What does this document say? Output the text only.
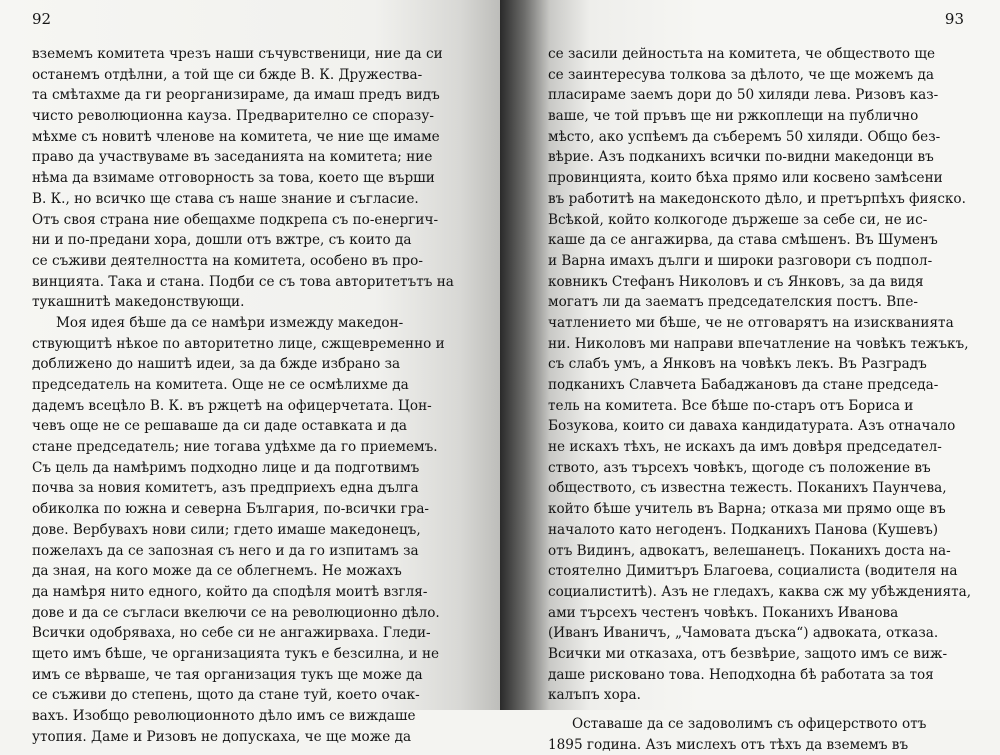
92
вземемъ комитета чрезъ наши съчувственици, ние да си
останемъ отдѣлни, а той ще си бжде В. К. Дружества-
та смѣтахме да ги реорганизираме, да имаш предъ видъ
чисто революционна кауза. Предварително се споразу-
мѣхме съ новитѣ членове на комитета, че ние ще имаме
право да участвуваме въ заседанията на комитета; ние
нѣма да взимаме отговорность за това, което ще върши
В. К., но всичко ще става съ наше знание и съгласие.
Отъ своя страна ние обещахме подкрепа съ по-енергич-
ни и по-предани хора, дошли отъ вжтре, съ които да
се съживи деятелността на комитета, особено въ про-
винцията. Така и стана. Подби се съ това авторитетътъ на
тукашнитѣ македонствующи.
Моя идея бѣше да се намѣри измежду македон-
ствующитѣ нѣкое по авторитетно лице, сжщевременно и
доближено до нашитѣ идеи, за да бжде избрано за
председатель на комитета. Още не се осмѣлихме да
дадемъ всецѣло В. К. въ ржцетѣ на офицерчетата. Цон-
чевъ още не се решаваше да си даде оставката и да
стане председатель; ние тогава удѣхме да го приемемъ.
Съ цель да намѣримъ подходно лице и да подготвимъ
почва за новия комитетъ, азъ предприехъ една дълга
обиколка по южна и северна България, по-всички гра-
дове. Вербувахъ нови сили; гдето имаше македонецъ,
пожелахъ да се запозная съ него и да го изпитамъ за
да зная, на кого може да се облегнемъ. Не можахъ
да намѣря нито едного, който да сподѣля моитѣ взгля-
дове и да се съгласи вкелючи се на революционно дѣло.
Всички одобряваха, но себе си не ангажирваха. Гледи-
щето имъ бѣше, че организацията тукъ е безсилна, и не
имъ се вѣрваше, че тая организация тукъ ще може да
се съживи до степень, щото да стане туй, което очак-
вахъ. Изобщо революционното дѣло имъ се виждаше
утопия. Даме и Ризовъ не допускаха, че ще може да
93
се засили дейностьта на комитета, че обществото ще
се заинтересува толкова за дѣлото, че ще можемъ да
пласираме заемъ дори до 50 хиляди лева. Ризовъ каз-
ваше, че той пръвъ ще ни ржкоплещи на публично
мѣсто, ако успѣемъ да съберемъ 50 хиляди. Общо без-
вѣрие. Азъ подканихъ всички по-видни македонци въ
провинцията, които бѣха прямо или косвено замѣсени
въ работитѣ на македонското дѣло, и претърпѣхъ фияско.
Всѣкой, който колкогоде държеше за себе си, не ис-
каше да се ангажирва, да става смѣшенъ. Въ Шуменъ
и Варна имахъ дълги и широки разговори съ подпол-
ковникъ Стефанъ Николовъ и съ Янковъ, за да видя
могатъ ли да заематъ председателския постъ. Впе-
чатлението ми бѣше, че не отговарятъ на изискванията
ни. Николовъ ми направи впечатление на човѣкъ тежъкъ,
съ слабъ умъ, а Янковъ на човѣкъ лекъ. Въ Разградъ
подканихъ Славчета Бабаджановъ да стане председа-
тель на комитета. Все бѣше по-старъ отъ Бориса и
Бозукова, които си даваха кандидатурата. Азъ отначало
не искахъ тѣхъ, не искахъ да имъ довѣря председател-
ството, азъ търсехъ човѣкъ, щогоде съ положение въ
обществото, съ известна тежесть. Поканихъ Паунчева,
който бѣше учитель въ Варна; отказа ми прямо още въ
началото като негоденъ. Подканихъ Панова (Кушевъ)
отъ Видинъ, адвокатъ, велешанецъ. Поканихъ доста на-
стоятелно Димитъръ Благоева, социалиста (водителя на
социалиститѣ). Азъ не гледахъ, каква сж му убѣжденията,
ами търсехъ честенъ човѣкъ. Поканихъ Иванова
(Иванъ Иваничъ, „Чамовата дъска“) адвоката, отказа.
Всички ми отказаха, отъ безвѣрие, защото имъ се виж-
даше рисковано това. Неподходна бѣ работата за тоя
калъпъ хора.
Оставаше да се задоволимъ съ офицерството отъ
1895 година. Азъ мислехъ отъ тѣхъ да вземемъ въ
